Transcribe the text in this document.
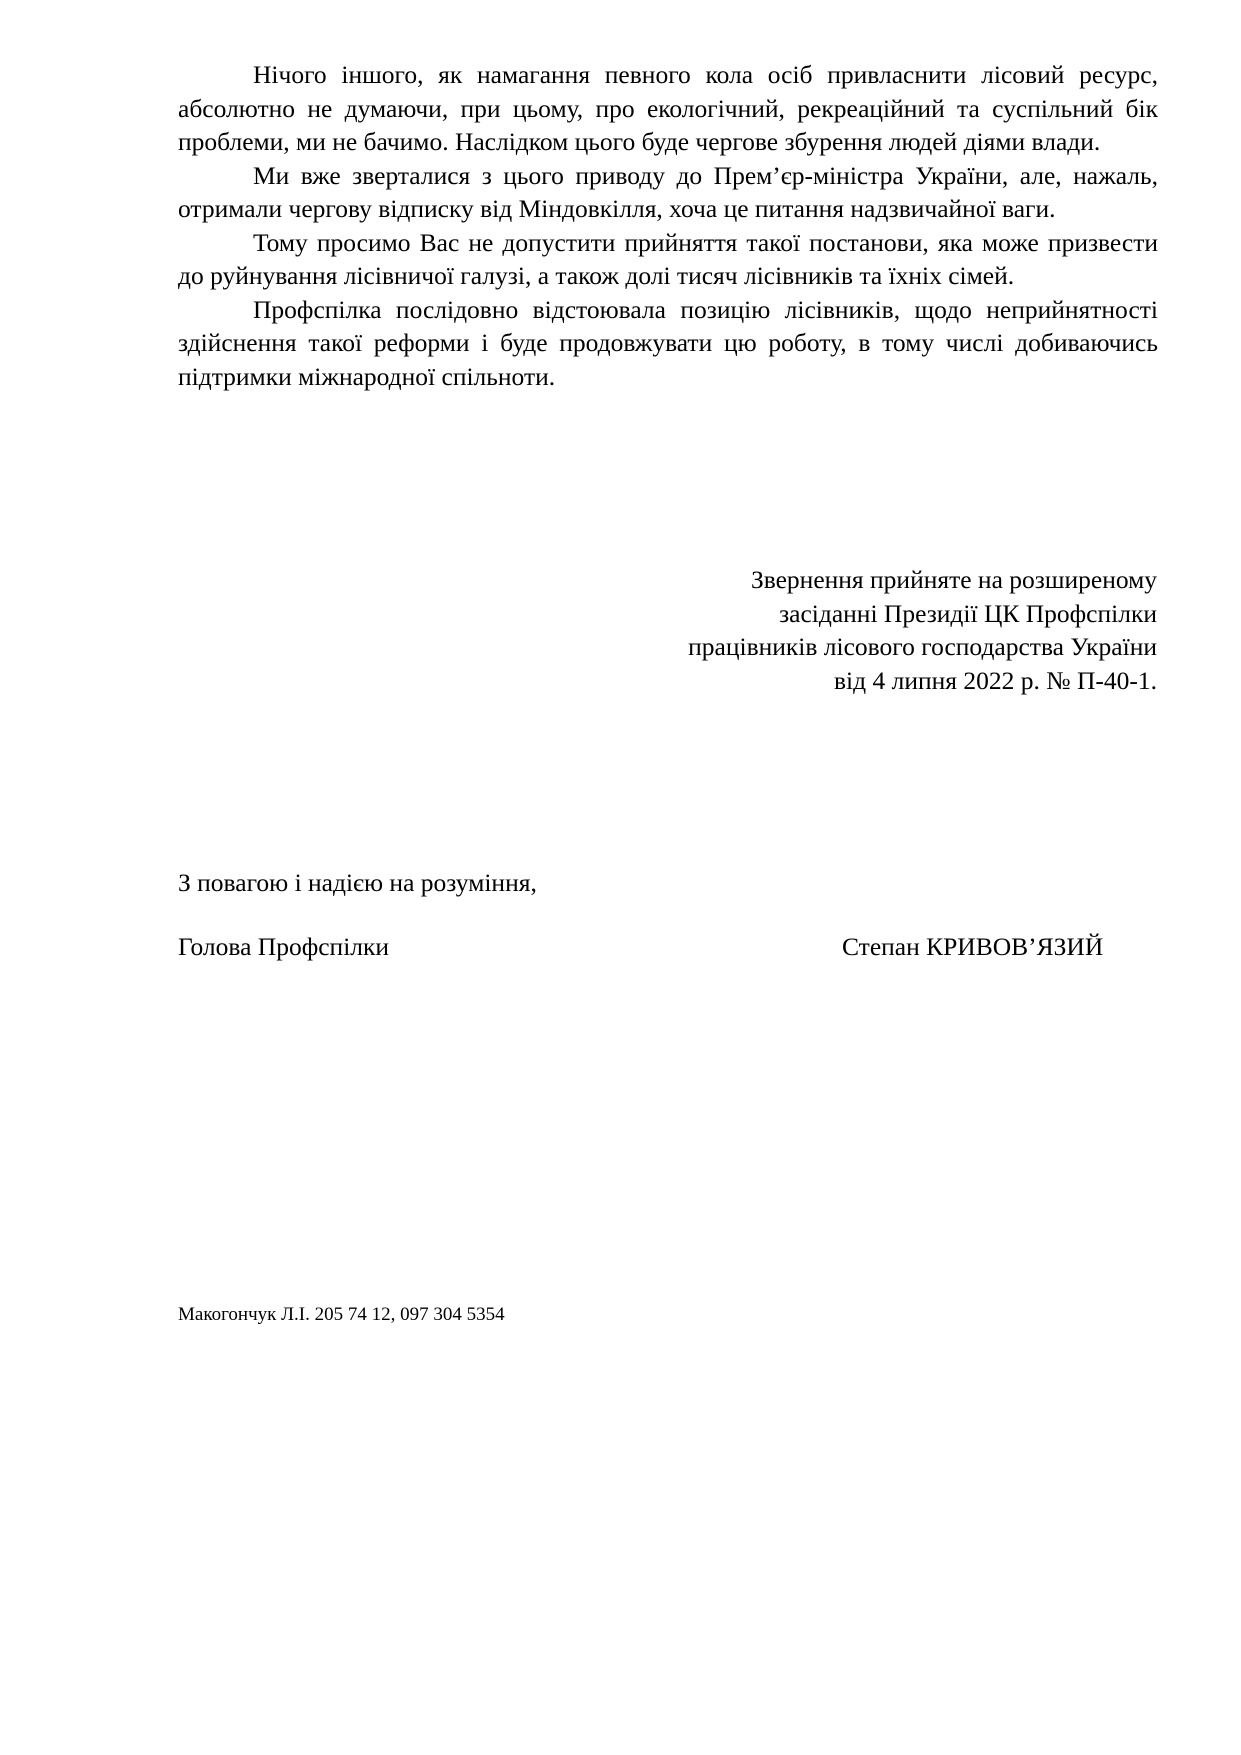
Нічого іншого, як намагання певного кола осіб привласнити лісовий ресурс, абсолютно не думаючи, при цьому, про екологічний, рекреаційний та суспільний бік проблеми, ми не бачимо. Наслідком цього буде чергове збурення людей діями влади.

Ми вже зверталися з цього приводу до Прем’єр-міністра України, але, нажаль, отримали чергову відписку від Міндовкілля, хоча це питання надзвичайної ваги.

Тому просимо Вас не допустити прийняття такої постанови, яка може призвести до руйнування лісівничої галузі, а також долі тисяч лісівників та їхніх сімей.

Профспілка послідовно відстоювала позицію лісівників, щодо неприйнятності здійснення такої реформи і буде продовжувати цю роботу, в тому числі добиваючись підтримки міжнародної спільноти.

Звернення прийняте на розширеному
засіданні Президії ЦК Профспілки
працівників лісового господарства України
від 4 липня 2022 р. № П-40-1.
З повагою і надією на розуміння,
Голова Профспілки	Степан КРИВОВ’ЯЗИЙ
Макогончук Л.І. 205 74 12, 097 304 5354
